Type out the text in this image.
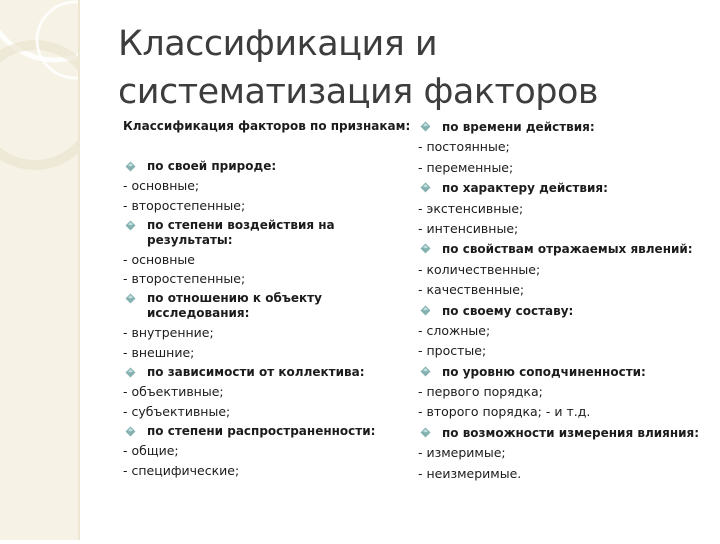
Классификация и систематизация факторов
Классификация факторов по признакам:
по своей природе:
- основные;
- второстепенные;
по степени воздействия на результаты:
- основные
- второстепенные;
по отношению к объекту исследования:
- внутренние;
- внешние;
по зависимости от коллектива:
- объективные;
- субъективные;
по степени распространенности:
- общие;
- специфические;
по времени действия:
- постоянные;
- переменные;
по характеру действия:
- экстенсивные;
- интенсивные;
по свойствам отражаемых явлений:
- количественные;
- качественные;
по своему составу:
- сложные;
- простые;
по уровню соподчиненности:
- первого порядка;
- второго порядка; - и т.д.
по возможности измерения влияния:
- измеримые;
- неизмеримые.
